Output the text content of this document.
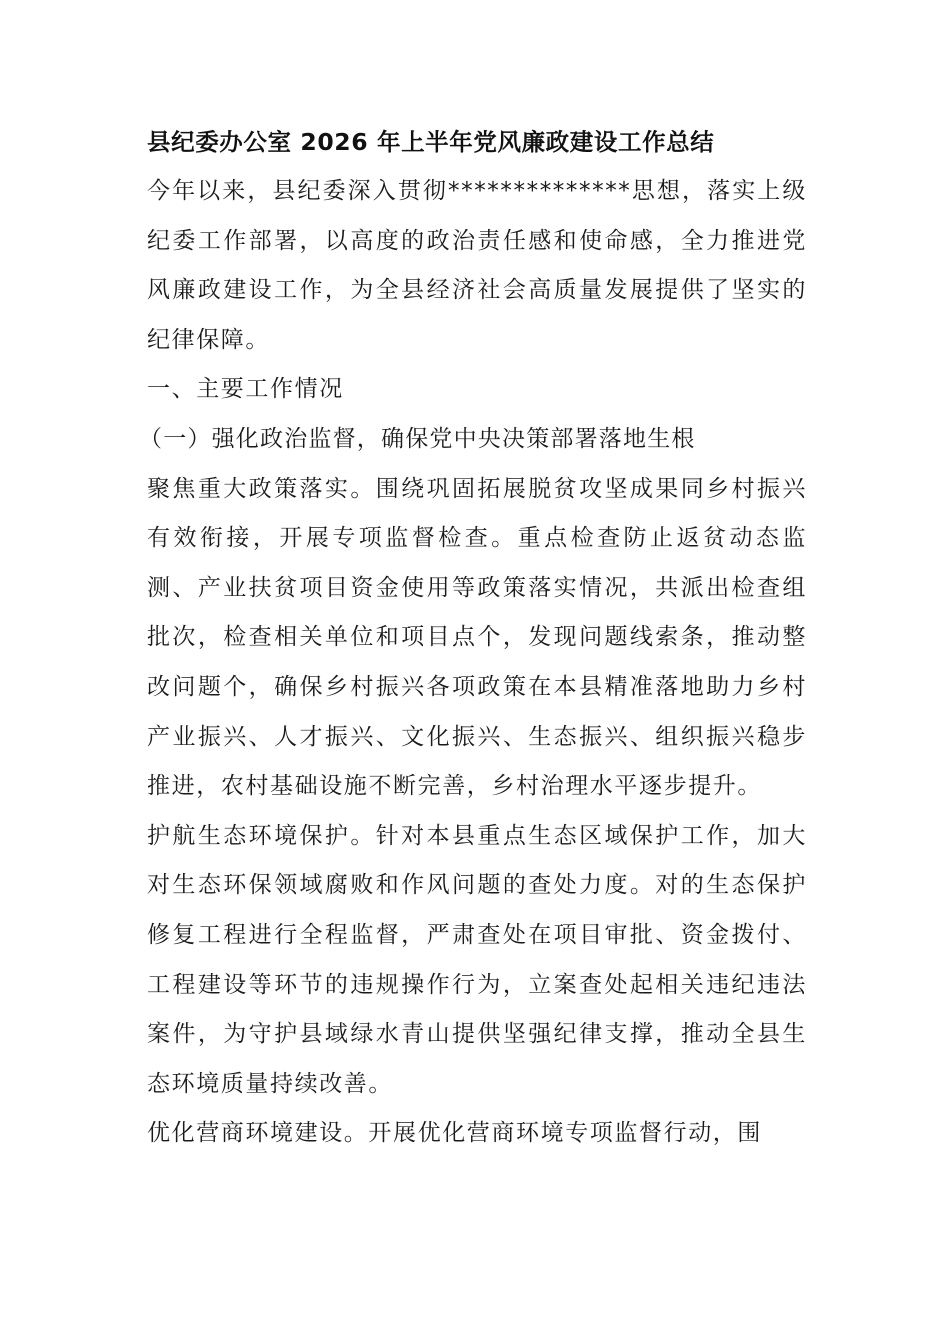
县纪委办公室 2026 年上半年党风廉政建设工作总结

今年以来，县纪委深入贯彻**************思想，落实上级纪委工作部署，以高度的政治责任感和使命感，全力推进党风廉政建设工作，为全县经济社会高质量发展提供了坚实的纪律保障。

一、主要工作情况

（一）强化政治监督，确保党中央决策部署落地生根

聚焦重大政策落实。围绕巩固拓展脱贫攻坚成果同乡村振兴有效衔接，开展专项监督检查。重点检查防止返贫动态监测、产业扶贫项目资金使用等政策落实情况，共派出检查组批次，检查相关单位和项目点个，发现问题线索条，推动整改问题个，确保乡村振兴各项政策在本县精准落地助力乡村产业振兴、人才振兴、文化振兴、生态振兴、组织振兴稳步推进，农村基础设施不断完善，乡村治理水平逐步提升。

护航生态环境保护。针对本县重点生态区域保护工作，加大对生态环保领域腐败和作风问题的查处力度。对的生态保护修复工程进行全程监督，严肃查处在项目审批、资金拨付、工程建设等环节的违规操作行为，立案查处起相关违纪违法案件，为守护县域绿水青山提供坚强纪律支撑，推动全县生态环境质量持续改善。

优化营商环境建设。开展优化营商环境专项监督行动，围
